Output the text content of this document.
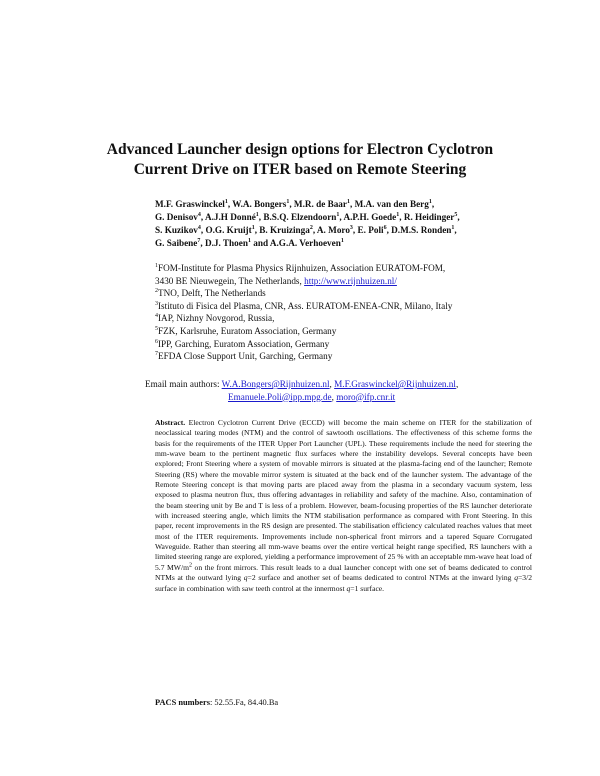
Advanced Launcher design options for Electron Cyclotron
Current Drive on ITER based on Remote Steering
M.F. Graswinckel$^1$, W.A. Bongers$^1$, M.R. de Baar$^1$, M.A. van den Berg$^1$,
G. Denisov$^4$, A.J.H Donné$^1$, B.S.Q. Elzendoorn$^1$, A.P.H. Goede$^1$, R. Heidinger$^5$,
S. Kuzikov$^4$, O.G. Kruijt$^1$, B. Kruizinga$^2$, A. Moro$^3$, E. Poli$^6$, D.M.S. Ronden$^1$,
G. Saibene$^7$, D.J. Thoen$^1$ and A.G.A. Verhoeven$^1$
$^1$FOM-Institute for Plasma Physics Rijnhuizen, Association EURATOM-FOM,
3430 BE Nieuwegein, The Netherlands, http://www.rijnhuizen.nl/
$^2$TNO, Delft, The Netherlands
$^3$Istituto di Fisica del Plasma, CNR, Ass. EURATOM-ENEA-CNR, Milano, Italy
$^4$IAP, Nizhny Novgorod, Russia,
$^5$FZK, Karlsruhe, Euratom Association, Germany
$^6$IPP, Garching, Euratom Association, Germany
$^7$EFDA Close Support Unit, Garching, Germany
Email main authors: W.A.Bongers@Rijnhuizen.nl, M.F.Graswinckel@Rijnhuizen.nl,
Emanuele.Poli@ipp.mpg.de, moro@ifp.cnr.it
Abstract. Electron Cyclotron Current Drive (ECCD) will become the main scheme on ITER for the stabilization of neoclassical tearing modes (NTM) and the control of sawtooth oscillations. The effectiveness of this scheme forms the basis for the requirements of the ITER Upper Port Launcher (UPL). These requirements include the need for steering the mm-wave beam to the pertinent magnetic flux surfaces where the instability develops. Several concepts have been explored; Front Steering where a system of movable mirrors is situated at the plasma-facing end of the launcher; Remote Steering (RS) where the movable mirror system is situated at the back end of the launcher system. The advantage of the Remote Steering concept is that moving parts are placed away from the plasma in a secondary vacuum system, less exposed to plasma neutron flux, thus offering advantages in reliability and safety of the machine. Also, contamination of the beam steering unit by Be and T is less of a problem. However, beam-focusing properties of the RS launcher deteriorate with increased steering angle, which limits the NTM stabilisation performance as compared with Front Steering. In this paper, recent improvements in the RS design are presented. The stabilisation efficiency calculated reaches values that meet most of the ITER requirements. Improvements include non-spherical front mirrors and a tapered Square Corrugated Waveguide. Rather than steering all mm-wave beams over the entire vertical height range specified, RS launchers with a limited steering range are explored, yielding a performance improvement of 25 % with an acceptable mm-wave heat load of 5.7 $MW/m^2$ on the front mirrors. This result leads to a dual launcher concept with one set of beams dedicated to control NTMs at the outward lying q=2 surface and another set of beams dedicated to control NTMs at the inward lying q=3/2 surface in combination with saw teeth control at the innermost q=1 surface.
PACS numbers: 52.55.Fa, 84.40.Ba
